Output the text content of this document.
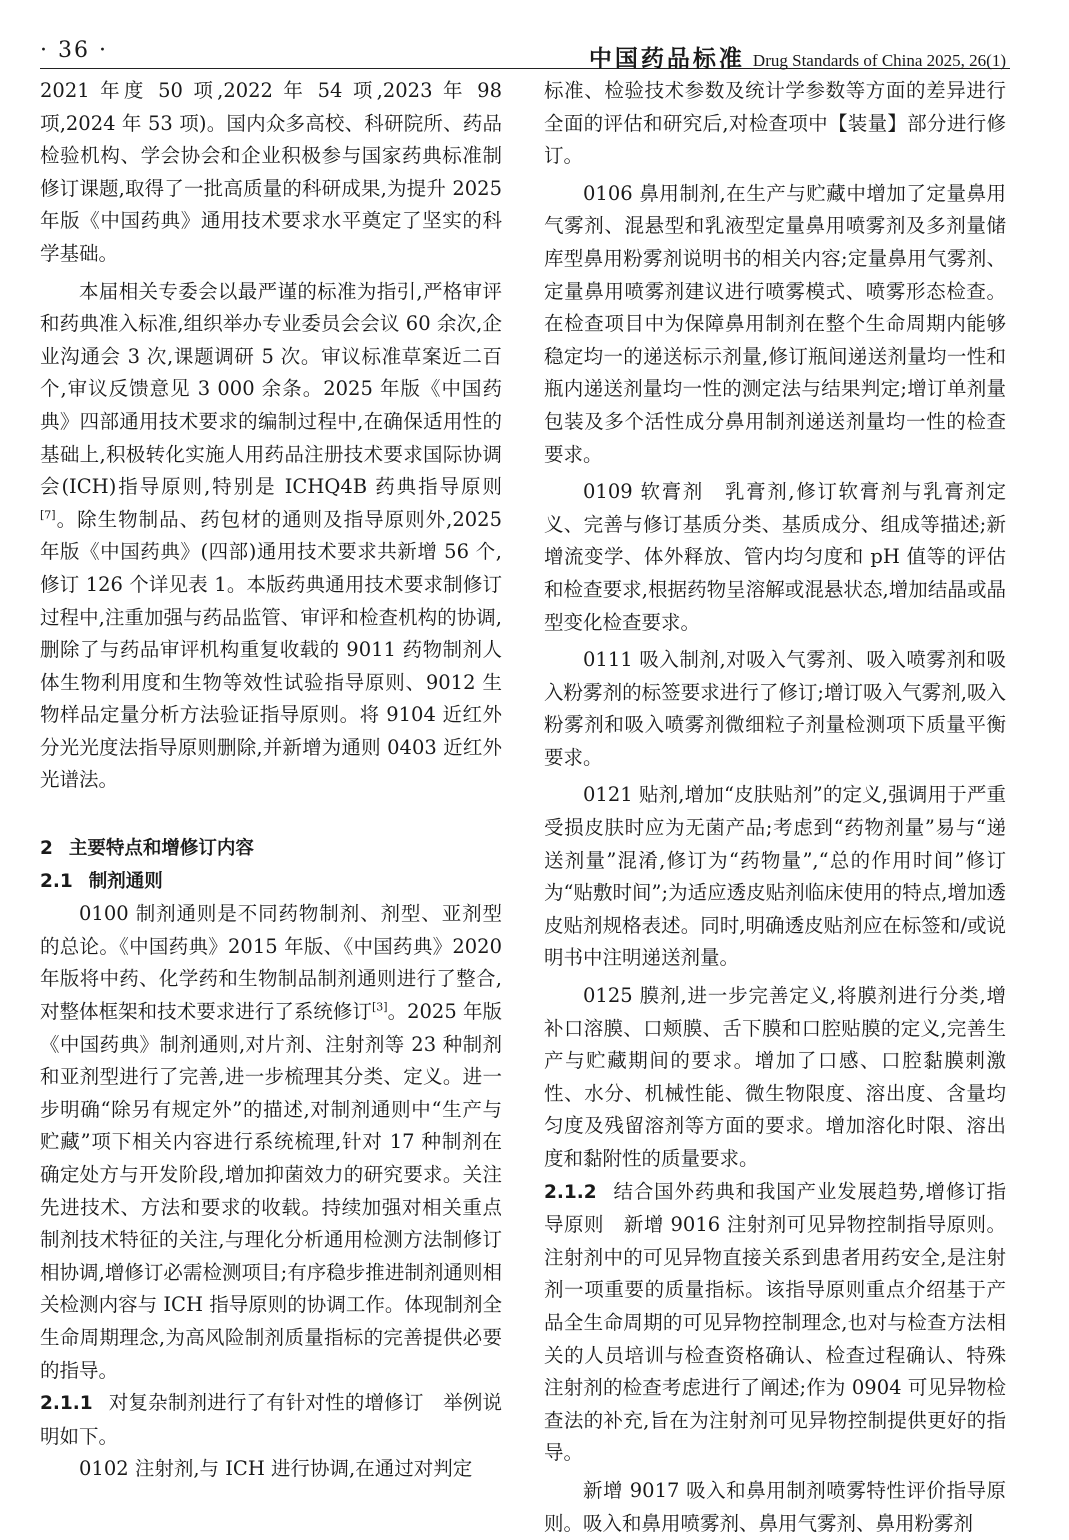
· 36 ·	中国药品标准 Drug Standards of China 2025, 26(1)

2021 年度 50 项,2022 年 54 项,2023 年 98 项,2024 年 53 项)。国内众多高校、科研院所、药品检验机构、学会协会和企业积极参与国家药典标准制修订课题,取得了一批高质量的科研成果,为提升 2025 年版《中国药典》通用技术要求水平奠定了坚实的科学基础。

本届相关专委会以最严谨的标准为指引,严格审评和药典准入标准,组织举办专业委员会会议 60 余次,企业沟通会 3 次,课题调研 5 次。审议标准草案近二百个,审议反馈意见 3 000 余条。2025 年版《中国药典》四部通用技术要求的编制过程中,在确保适用性的基础上,积极转化实施人用药品注册技术要求国际协调会(ICH)指导原则,特别是 ICHQ4B 药典指导原则[7]。除生物制品、药包材的通则及指导原则外,2025 年版《中国药典》(四部)通用技术要求共新增 56 个,修订 126 个详见表 1。本版药典通用技术要求制修订过程中,注重加强与药品监管、审评和检查机构的协调,删除了与药品审评机构重复收载的 9011 药物制剂人体生物利用度和生物等效性试验指导原则、9012 生物样品定量分析方法验证指导原则。将 9104 近红外分光光度法指导原则删除,并新增为通则 0403 近红外光谱法。

2 主要特点和增修订内容

2.1 制剂通则

0100 制剂通则是不同药物制剂、剂型、亚剂型的总论。《中国药典》2015 年版、《中国药典》2020 年版将中药、化学药和生物制品制剂通则进行了整合,对整体框架和技术要求进行了系统修订[3]。2025 年版《中国药典》制剂通则,对片剂、注射剂等 23 种制剂和亚剂型进行了完善,进一步梳理其分类、定义。进一步明确“除另有规定外”的描述,对制剂通则中“生产与贮藏”项下相关内容进行系统梳理,针对 17 种制剂在确定处方与开发阶段,增加抑菌效力的研究要求。关注先进技术、方法和要求的收载。持续加强对相关重点制剂技术特征的关注,与理化分析通用检测方法制修订相协调,增修订必需检测项目;有序稳步推进制剂通则相关检测内容与 ICH 指导原则的协调工作。体现制剂全生命周期理念,为高风险制剂质量指标的完善提供必要的指导。

2.1.1 对复杂制剂进行了有针对性的增修订　举例说明如下。

0102 注射剂,与 ICH 进行协调,在通过对判定

标准、检验技术参数及统计学参数等方面的差异进行全面的评估和研究后,对检查项中【装量】部分进行修订。

0106 鼻用制剂,在生产与贮藏中增加了定量鼻用气雾剂、混悬型和乳液型定量鼻用喷雾剂及多剂量储库型鼻用粉雾剂说明书的相关内容;定量鼻用气雾剂、定量鼻用喷雾剂建议进行喷雾模式、喷雾形态检查。在检查项目中为保障鼻用制剂在整个生命周期内能够稳定均一的递送标示剂量,修订瓶间递送剂量均一性和瓶内递送剂量均一性的测定法与结果判定;增订单剂量包装及多个活性成分鼻用制剂递送剂量均一性的检查要求。

0109 软膏剂　乳膏剂,修订软膏剂与乳膏剂定义、完善与修订基质分类、基质成分、组成等描述;新增流变学、体外释放、管内均匀度和 pH 值等的评估和检查要求,根据药物呈溶解或混悬状态,增加结晶或晶型变化检查要求。

0111 吸入制剂,对吸入气雾剂、吸入喷雾剂和吸入粉雾剂的标签要求进行了修订;增订吸入气雾剂,吸入粉雾剂和吸入喷雾剂微细粒子剂量检测项下质量平衡要求。

0121 贴剂,增加“皮肤贴剂”的定义,强调用于严重受损皮肤时应为无菌产品;考虑到“药物剂量”易与“递送剂量”混淆,修订为“药物量”,“总的作用时间”修订为“贴敷时间”;为适应透皮贴剂临床使用的特点,增加透皮贴剂规格表述。同时,明确透皮贴剂应在标签和/或说明书中注明递送剂量。

0125 膜剂,进一步完善定义,将膜剂进行分类,增补口溶膜、口颊膜、舌下膜和口腔贴膜的定义,完善生产与贮藏期间的要求。增加了口感、口腔黏膜刺激性、水分、机械性能、微生物限度、溶出度、含量均匀度及残留溶剂等方面的要求。增加溶化时限、溶出度和黏附性的质量要求。

2.1.2 结合国外药典和我国产业发展趋势,增修订指导原则　新增 9016 注射剂可见异物控制指导原则。注射剂中的可见异物直接关系到患者用药安全,是注射剂一项重要的质量指标。该指导原则重点介绍基于产品全生命周期的可见异物控制理念,也对与检查方法相关的人员培训与检查资格确认、检查过程确认、特殊注射剂的检查考虑进行了阐述;作为 0904 可见异物检查法的补充,旨在为注射剂可见异物控制提供更好的指导。

新增 9017 吸入和鼻用制剂喷雾特性评价指导原则。吸入和鼻用喷雾剂、鼻用气雾剂、鼻用粉雾剂
